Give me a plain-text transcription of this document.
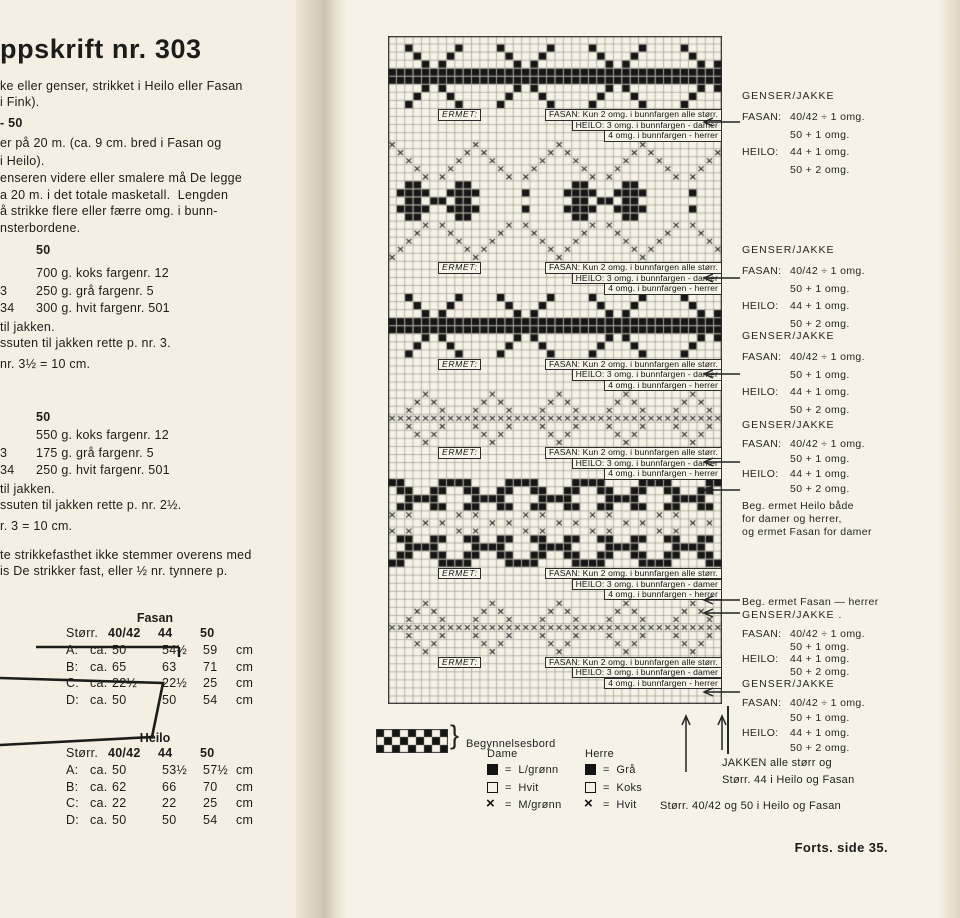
ppskrift nr. 303
ke eller genser, strikket i Heilo eller Fasan
i Fink).
- 50
er på 20 m. (ca. 9 cm. bred i Fasan og
i Heilo).
enseren videre eller smalere må De legge
a 20 m. i det totale masketall.  Lengden
å strikke flere eller færre omg. i bunn-
nsterbordene.
50
700 g. koks fargenr. 12
3 250 g. grå fargenr. 5
34 300 g. hvit fargenr. 501
til jakken.
ssuten til jakken rette p. nr. 3.
nr. 3½ = 10 cm.
50
550 g. koks fargenr. 12
3 175 g. grå fargenr. 5
34 250 g. hvit fargenr. 501
til jakken.
ssuten til jakken rette p. nr. 2½.
r. 3 = 10 cm.
te strikkefasthet ikke stemmer overens med
is De strikker fast, eller ½ nr. tynnere p.
Fasan
Størr. 40/42 44 50
A: ca. 50	54½ 59 cm
B: ca. 65	63 71 cm
C: ca. 22½ 22½ 25 cm
D: ca. 50	50 54 cm
Heilo
Størr. 40/42 44 50
A: ca. 50	53½ 57½ cm
B: ca. 62	66 70 cm
C: ca. 22	22 25 cm
D: ca. 50	50 54 cm
ERMET:	FASAN: Kun 2 omg. i bunnfargen alle størr.
HEILO: 3 omg. i bunnfargen - damer
4 omg. i bunnfargen - herrer
ERMET:	FASAN: Kun 2 omg. i bunnfargen alle størr.
HEILO: 3 omg. i bunnfargen - damer
4 omg. i bunnfargen - herrer
ERMET:	FASAN: Kun 2 omg. i bunnfargen alle størr.
HEILO: 3 omg. i bunnfargen - damer
4 omg. i bunnfargen - herrer
ERMET:	FASAN: Kun 2 omg. i bunnfargen alle størr.
HEILO: 3 omg. i bunnfargen - damer
4 omg. i bunnfargen - herrer
ERMET:	FASAN: Kun 2 omg. i bunnfargen alle størr.
HEILO: 3 omg. i bunnfargen - damer
4 omg. i bunnfargen - herrer
ERMET:	FASAN: Kun 2 omg. i bunnfargen alle størr.
HEILO: 3 omg. i bunnfargen - damer
4 omg. i bunnfargen - herrer
} Begynnelsesbord
Dame
=  L/grønn
=  Hvit
× =  M/grønn
Herre
=  Grå
=  Koks
× =  Hvit
GENSER/JAKKE
FASAN: 40/42 ÷ 1 omg.
50 + 1 omg.
HEILO: 44 + 1 omg.
50 + 2 omg.
GENSER/JAKKE
FASAN: 40/42 ÷ 1 omg.
50 + 1 omg.
HEILO: 44 + 1 omg.
50 + 2 omg.
GENSER/JAKKE
FASAN: 40/42 ÷ 1 omg.
50 + 1 omg.
HEILO: 44 + 1 omg.
50 + 2 omg.
GENSER/JAKKE
FASAN: 40/42 ÷ 1 omg.
50 + 1 omg.
HEILO: 44 + 1 omg.
50 + 2 omg.
Beg. ermet Heilo både
for damer og herrer,
og ermet Fasan for damer
Beg. ermet Fasan — herrer
GENSER/JAKKE .
FASAN: 40/42 ÷ 1 omg.
50 + 1 omg.
HEILO: 44 + 1 omg.
50 + 2 omg.
GENSER/JAKKE
FASAN: 40/42 ÷ 1 omg.
50 + 1 omg.
HEILO: 44 + 1 omg.
50 + 2 omg.
JAKKEN alle størr og
Størr. 44 i Heilo og Fasan
Størr. 40/42 og 50 i Heilo og Fasan
Forts. side 35.
